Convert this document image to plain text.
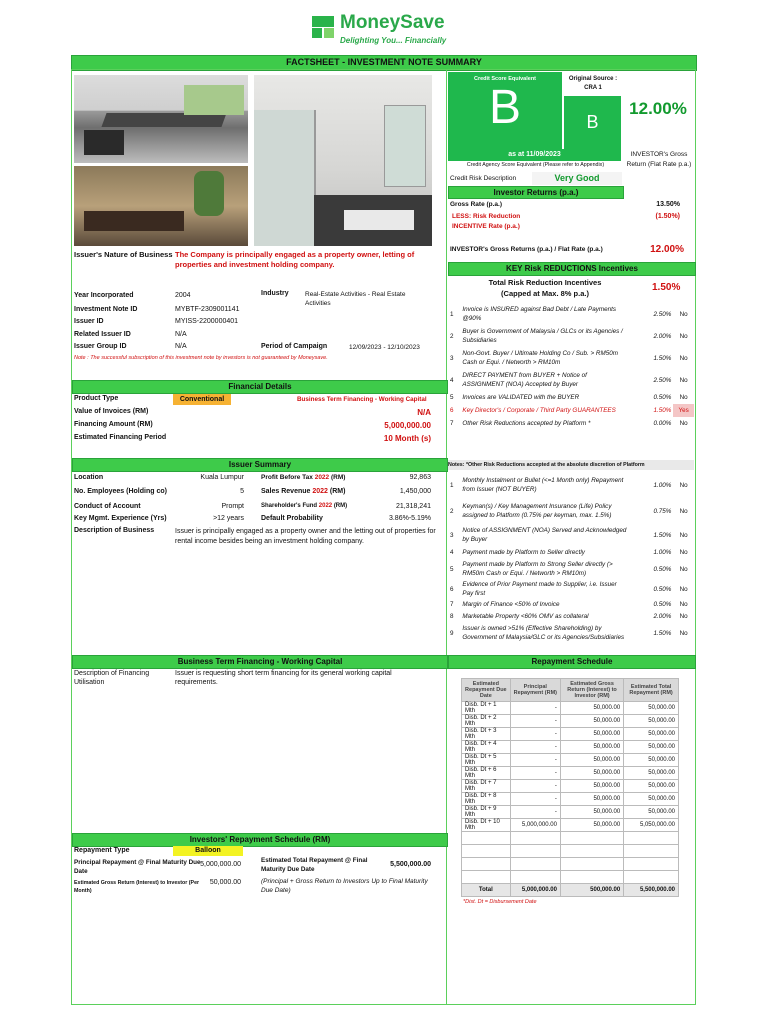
MoneySave
Delighting You... Financially
FACTSHEET - INVESTMENT NOTE SUMMARY
Issuer's Nature of Business The Company is principally engaged as a property owner, letting of properties and investment holding company.
Year Incorporated	2004	Industry	Real-Estate Activities - Real Estate Activities
Investment Note ID	MYBTF-2309001141
Issuer ID	MYISS-2200000401
Related Issuer ID	N/A
Issuer Group ID	N/A	Period of Campaign	12/09/2023 - 12/10/2023
Note : The successful subscription of this investment note by investors is not guaranteed by Moneysave.
Financial Details
Product Type	Conventional	Business Term Financing - Working Capital
Value of Invoices (RM)	N/A
Financing Amount (RM)	5,000,000.00
Estimated Financing Period	10 Month (s)
Issuer Summary
Location	Kuala Lumpur	Profit Before Tax 2022 (RM)	92,863
No. Employees (Holding co)	5 Sales Revenue 2022 (RM)	1,450,000
Conduct of Account	Prompt	Shareholder's Fund 2022 (RM)	21,318,241
Key Mgmt. Experience (Yrs)	>12 years Default Probability	3.86%-5.19%
Description of Business	Issuer is principally engaged as a property owner and the letting out of properties for rental income besides being an investment holding company.
Business Term Financing - Working Capital
Description of Financing Utilisation
Issuer is requesting short term financing for its general working capital requirements.
Investors' Repayment Schedule (RM)
Repayment Type	Balloon
Principal Repayment @ Final Maturity Due Date
5,000,000.00
Estimated Total Repayment @ Final Maturity Due Date
5,500,000.00
(Principal + Gross Return to Investors Up to Final Maturity Due Date)
Estimated Gross Return (Interest) to Investor (Per Month)
50,000.00
Credit Score Equivalent
B
Original Source :
CRA 1
B
as at 11/09/2023
12.00%
INVESTOR's Gross Return (Flat Rate p.a.)
Credit Agency Score Equivalent (Please refer to Appendix)
Credit Risk Description	Very Good
Investor Returns (p.a.)
Gross Rate (p.a.)	13.50%
LESS: Risk Reduction INCENTIVE Rate (p.a.)
(1.50%)
INVESTOR's Gross Returns (p.a.) / Flat Rate (p.a.)	12.00%
KEY Risk REDUCTIONS Incentives
Total Risk Reduction Incentives
(Capped at Max. 8% p.a.)
1.50%
1	Invoice is INSURED against Bad Debt / Late Payments @90%	2.50%	No
2	Buyer is Government of Malaysia / GLCs or its Agencies / Subsidiaries	2.00%	No
3	Non-Govt. Buyer / Ultimate Holding Co / Sub. > RM50m Cash or Equi. / Networth > RM10m	1.50%	No
4	DIRECT PAYMENT from BUYER + Notice of ASSIGNMENT (NOA) Accepted by Buyer	2.50%	No
5	Invoices are VALIDATED with the BUYER	0.50%	No
6	Key Director's / Corporate / Third Party GUARANTEES	1.50%	Yes
7	Other Risk Reductions accepted by Platform *	0.00%	No
Notes: *Other Risk Reductions accepted at the absolute discretion of Platform
1	Monthly Instalment or Bullet (<=1 Month only) Repayment from Issuer (NOT BUYER)	1.00%	No
2	Keyman(s) / Key Management Insurance (Life) Policy assigned to Platform (0.75% per keyman, max. 1.5%)	0.75%	No
3	Notice of ASSIGNMENT (NOA) Served and Acknowledged by Buyer	1.50%	No
4	Payment made by Platform to Seller directly	1.00%	No
5	Payment made by Platform to Strong Seller directly (> RM50m Cash or Equi. / Networth > RM10m)	0.50%	No
6	Evidence of Prior Payment made to Supplier, i.e. Issuer Pay first	0.50%	No
7	Margin of Finance <50% of Invoice	0.50%	No
8	Marketable Property <60% OMV as collateral	2.00%	No
9	Issuer is owned >51% (Effective Shareholding) by Government of Malaysia/GLC or its Agencies/Subsidiaries	1.50%	No
Repayment Schedule
Estimated Repayment Due Date	Principal Repayment (RM)	Estimated Gross Return (Interest) to Investor (RM)	Estimated Total Repayment (RM)
Disb. Dt + 1 Mth	-	50,000.00	50,000.00
Disb. Dt + 2 Mth	-	50,000.00	50,000.00
Disb. Dt + 3 Mth	-	50,000.00	50,000.00
Disb. Dt + 4 Mth	-	50,000.00	50,000.00
Disb. Dt + 5 Mth	-	50,000.00	50,000.00
Disb. Dt + 6 Mth	-	50,000.00	50,000.00
Disb. Dt + 7 Mth	-	50,000.00	50,000.00
Disb. Dt + 8 Mth	-	50,000.00	50,000.00
Disb. Dt + 9 Mth	-	50,000.00	50,000.00
Disb. Dt + 10 Mth	5,000,000.00	50,000.00	5,050,000.00

Total	5,000,000.00	500,000.00	5,500,000.00
*Dist. Dt = Disbursement Date
